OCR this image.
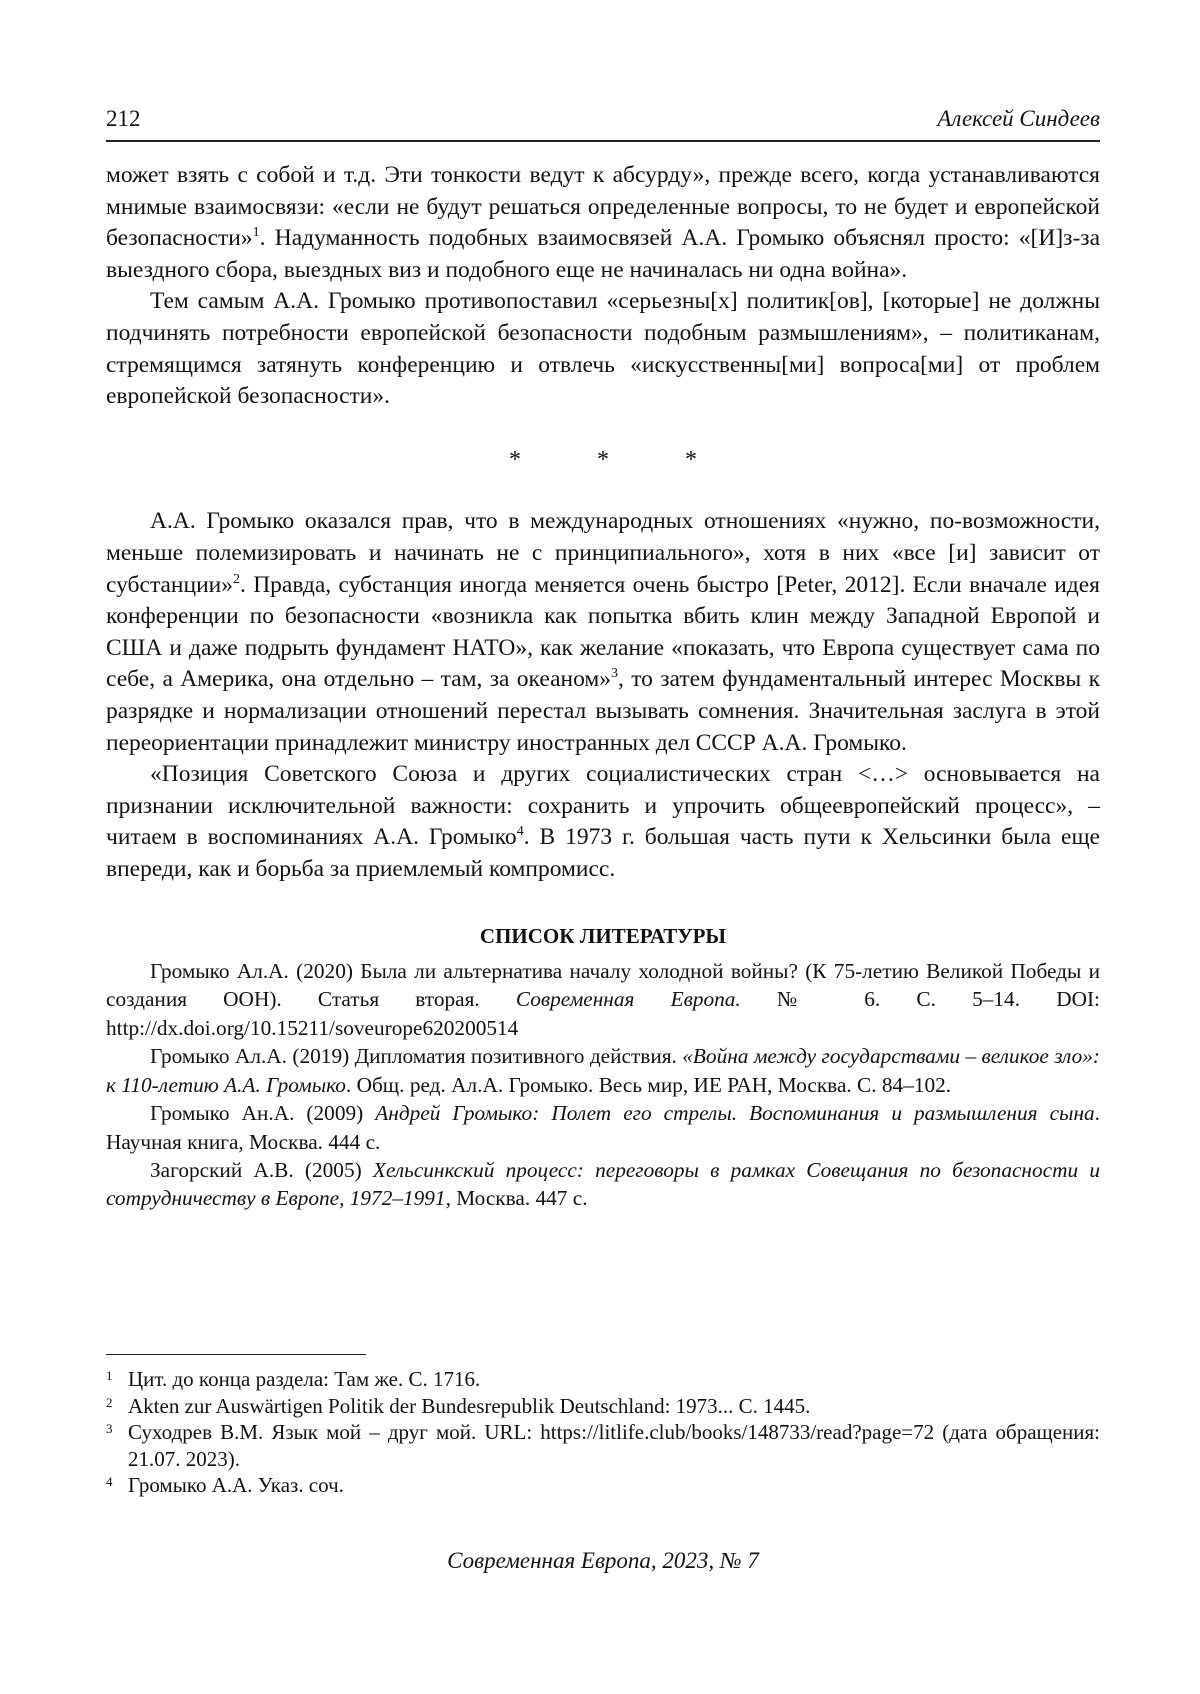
212	Алексей Синдеев

может взять с собой и т.д. Эти тонкости ведут к абсурду», прежде всего, когда устанавливаются мнимые взаимосвязи: «если не будут решаться определенные вопросы, то не будет и европейской безопасности»$^1$. Надуманность подобных взаимосвязей А.А. Громыко объяснял просто: «[И]з-за выездного сбора, выездных виз и подобного еще не начиналась ни одна война».

Тем самым А.А. Громыко противопоставил «серьезны[х] политик[ов], [которые] не должны подчинять потребности европейской безопасности подобным размышлениям», – политиканам, стремящимся затянуть конференцию и отвлечь «искусственны[ми] вопроса[ми] от проблем европейской безопасности».

*	*	*

А.А. Громыко оказался прав, что в международных отношениях «нужно, по-возможности, меньше полемизировать и начинать не с принципиального», хотя в них «все [и] зависит от субстанции»$^2$. Правда, субстанция иногда меняется очень быстро [Peter, 2012]. Если вначале идея конференции по безопасности «возникла как попытка вбить клин между Западной Европой и США и даже подрыть фундамент НАТО», как желание «показать, что Европа существует сама по себе, а Америка, она отдельно – там, за океаном»$^3$, то затем фундаментальный интерес Москвы к разрядке и нормализации отношений перестал вызывать сомнения. Значительная заслуга в этой переориентации принадлежит министру иностранных дел СССР А.А. Громыко.

«Позиция Советского Союза и других социалистических стран <…> основывается на признании исключительной важности: сохранить и упрочить общеевропейский процесс», – читаем в воспоминаниях А.А. Громыко$^4$. В 1973 г. большая часть пути к Хельсинки была еще впереди, как и борьба за приемлемый компромисс.

СПИСОК ЛИТЕРАТУРЫ

Громыко Ал.А. (2020) Была ли альтернатива началу холодной войны? (К 75-летию Великой Победы и создания ООН). Статья вторая. Современная Европа. № 6. С. 5–14. DOI: http://dx.doi.org/10.15211/soveurope620200514

Громыко Ал.А. (2019) Дипломатия позитивного действия. «Война между государствами – великое зло»: к 110-летию А.А. Громыко. Общ. ред. Ал.А. Громыко. Весь мир, ИЕ РАН, Москва. С. 84–102.

Громыко Ан.А. (2009) Андрей Громыко: Полет его стрелы. Воспоминания и размышления сына. Научная книга, Москва. 444 с.

Загорский А.В. (2005) Хельсинкский процесс: переговоры в рамках Совещания по безопасности и сотрудничеству в Европе, 1972–1991, Москва. 447 с.

1 Цит. до конца раздела: Там же. С. 1716.
2 Akten zur Auswärtigen Politik der Bundesrepublik Deutschland: 1973... С. 1445.
3 Суходрев В.М. Язык мой – друг мой. URL: https://litlife.club/books/148733/read?page=72 (дата обращения: 21.07. 2023).
4 Громыко А.А. Указ. соч.
Современная Европа, 2023, № 7
